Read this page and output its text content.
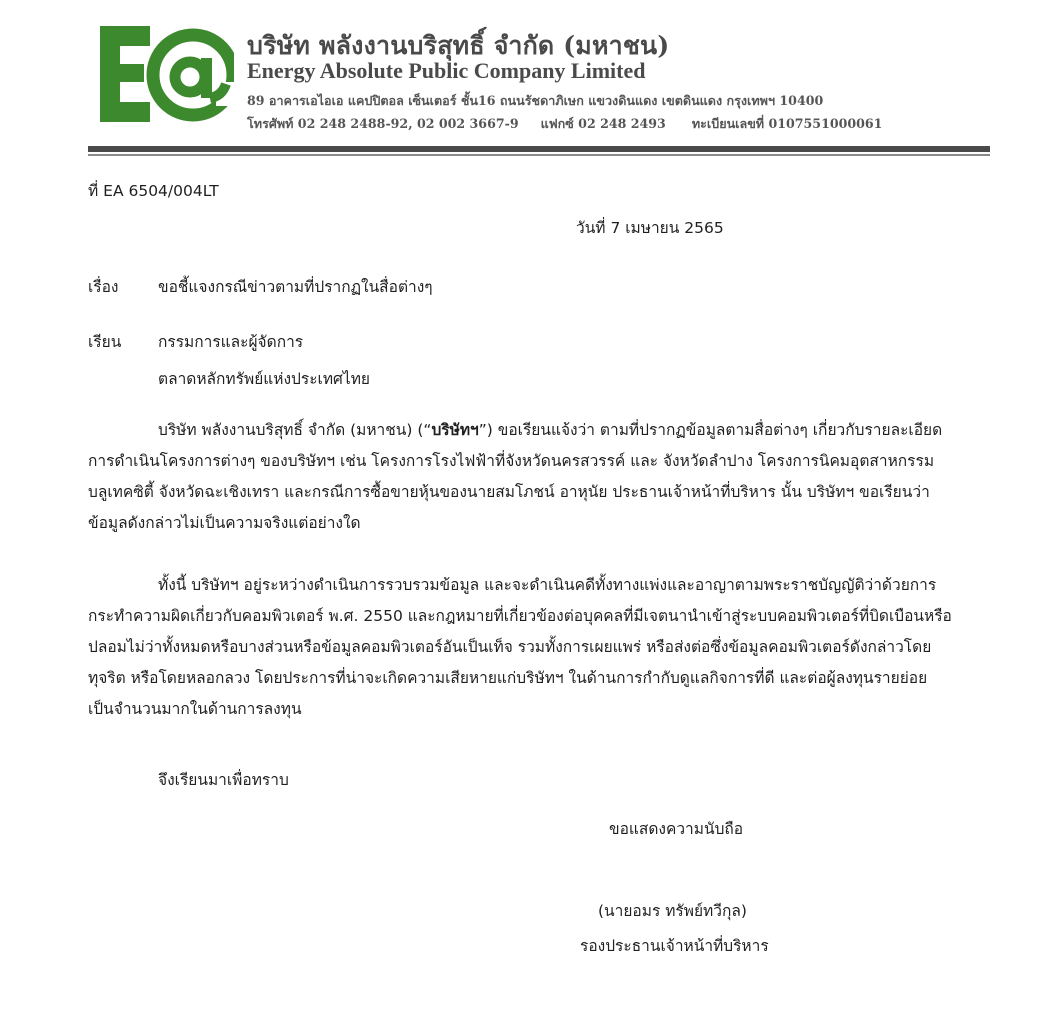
บริษัท พลังงานบริสุทธิ์ จำกัด (มหาชน)
Energy Absolute Public Company Limited
89 อาคารเอไอเอ แคปปิตอล เซ็นเตอร์ ชั้น16 ถนนรัชดาภิเษก แขวงดินแดง เขตดินแดง กรุงเทพฯ 10400
โทรศัพท์ 02 248 2488-92, 02 002 3667-9 แฟกซ์ 02 248 2493 ทะเบียนเลขที่ 0107551000061
ที่ EA 6504/004LT
วันที่ 7 เมษายน 2565
เรื่อง	ขอชี้แจงกรณีข่าวตามที่ปรากฏในสื่อต่างๆ
เรียน กรรมการและผู้จัดการ
ตลาดหลักทรัพย์แห่งประเทศไทย
บริษัท พลังงานบริสุทธิ์ จำกัด (มหาชน) (“บริษัทฯ”) ขอเรียนแจ้งว่า ตามที่ปรากฏข้อมูลตามสื่อต่างๆ เกี่ยวกับรายละเอียด
การดำเนินโครงการต่างๆ ของบริษัทฯ เช่น โครงการโรงไฟฟ้าที่จังหวัดนครสวรรค์ และ จังหวัดลำปาง โครงการนิคมอุตสาหกรรม
บลูเทคซิตี้ จังหวัดฉะเชิงเทรา และกรณีการซื้อขายหุ้นของนายสมโภชน์ อาหุนัย ประธานเจ้าหน้าที่บริหาร นั้น บริษัทฯ ขอเรียนว่า
ข้อมูลดังกล่าวไม่เป็นความจริงแต่อย่างใด
ทั้งนี้ บริษัทฯ อยู่ระหว่างดำเนินการรวบรวมข้อมูล และจะดำเนินคดีทั้งทางแพ่งและอาญาตามพระราชบัญญัติว่าด้วยการ
กระทำความผิดเกี่ยวกับคอมพิวเตอร์ พ.ศ. 2550 และกฎหมายที่เกี่ยวข้องต่อบุคคลที่มีเจตนานำเข้าสู่ระบบคอมพิวเตอร์ที่บิดเบือนหรือ
ปลอมไม่ว่าทั้งหมดหรือบางส่วนหรือข้อมูลคอมพิวเตอร์อันเป็นเท็จ รวมทั้งการเผยแพร่ หรือส่งต่อซึ่งข้อมูลคอมพิวเตอร์ดังกล่าวโดย
ทุจริต หรือโดยหลอกลวง โดยประการที่น่าจะเกิดความเสียหายแก่บริษัทฯ ในด้านการกำกับดูแลกิจการที่ดี และต่อผู้ลงทุนรายย่อย
เป็นจำนวนมากในด้านการลงทุน
จึงเรียนมาเพื่อทราบ
ขอแสดงความนับถือ
(นายอมร ทรัพย์ทวีกุล)
รองประธานเจ้าหน้าที่บริหาร
